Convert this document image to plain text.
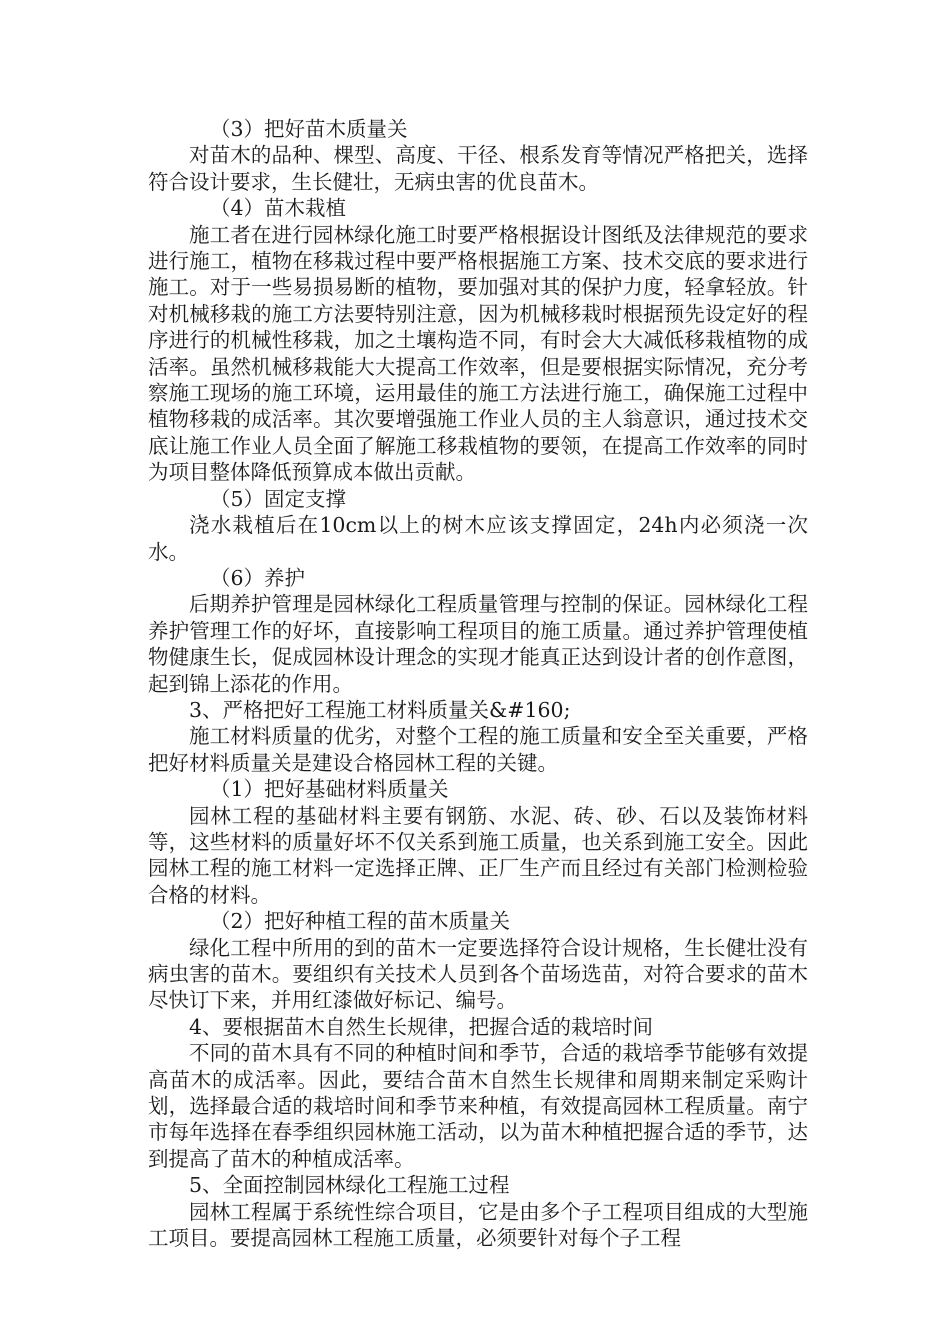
（3）把好苗木质量关

对苗木的品种、棵型、高度、干径、根系发育等情况严格把关，选择符合设计要求，生长健壮，无病虫害的优良苗木。

（4）苗木栽植

施工者在进行园林绿化施工时要严格根据设计图纸及法律规范的要求进行施工，植物在移栽过程中要严格根据施工方案、技术交底的要求进行施工。对于一些易损易断的植物，要加强对其的保护力度，轻拿轻放。针对机械移栽的施工方法要特别注意，因为机械移栽时根据预先设定好的程序进行的机械性移栽，加之土壤构造不同，有时会大大减低移栽植物的成活率。虽然机械移栽能大大提高工作效率，但是要根据实际情况，充分考察施工现场的施工环境，运用最佳的施工方法进行施工，确保施工过程中植物移栽的成活率。其次要增强施工作业人员的主人翁意识，通过技术交底让施工作业人员全面了解施工移栽植物的要领，在提高工作效率的同时为项目整体降低预算成本做出贡献。

（5）固定支撑

浇水栽植后在10cm以上的树木应该支撑固定，24h内必须浇一次水。

（6）养护

后期养护管理是园林绿化工程质量管理与控制的保证。园林绿化工程养护管理工作的好坏，直接影响工程项目的施工质量。通过养护管理使植物健康生长，促成园林设计理念的实现才能真正达到设计者的创作意图，起到锦上添花的作用。

3、严格把好工程施工材料质量关&#160;

施工材料质量的优劣，对整个工程的施工质量和安全至关重要，严格把好材料质量关是建设合格园林工程的关键。

（1）把好基础材料质量关

园林工程的基础材料主要有钢筋、水泥、砖、砂、石以及装饰材料等，这些材料的质量好坏不仅关系到施工质量，也关系到施工安全。因此园林工程的施工材料一定选择正牌、正厂生产而且经过有关部门检测检验合格的材料。

（2）把好种植工程的苗木质量关

绿化工程中所用的到的苗木一定要选择符合设计规格，生长健壮没有病虫害的苗木。要组织有关技术人员到各个苗场选苗，对符合要求的苗木尽快订下来，并用红漆做好标记、编号。

4、要根据苗木自然生长规律，把握合适的栽培时间

不同的苗木具有不同的种植时间和季节，合适的栽培季节能够有效提高苗木的成活率。因此，要结合苗木自然生长规律和周期来制定采购计划，选择最合适的栽培时间和季节来种植，有效提高园林工程质量。南宁市每年选择在春季组织园林施工活动，以为苗木种植把握合适的季节，达到提高了苗木的种植成活率。

5、全面控制园林绿化工程施工过程

园林工程属于系统性综合项目，它是由多个子工程项目组成的大型施工项目。要提高园林工程施工质量，必须要针对每个子工程
